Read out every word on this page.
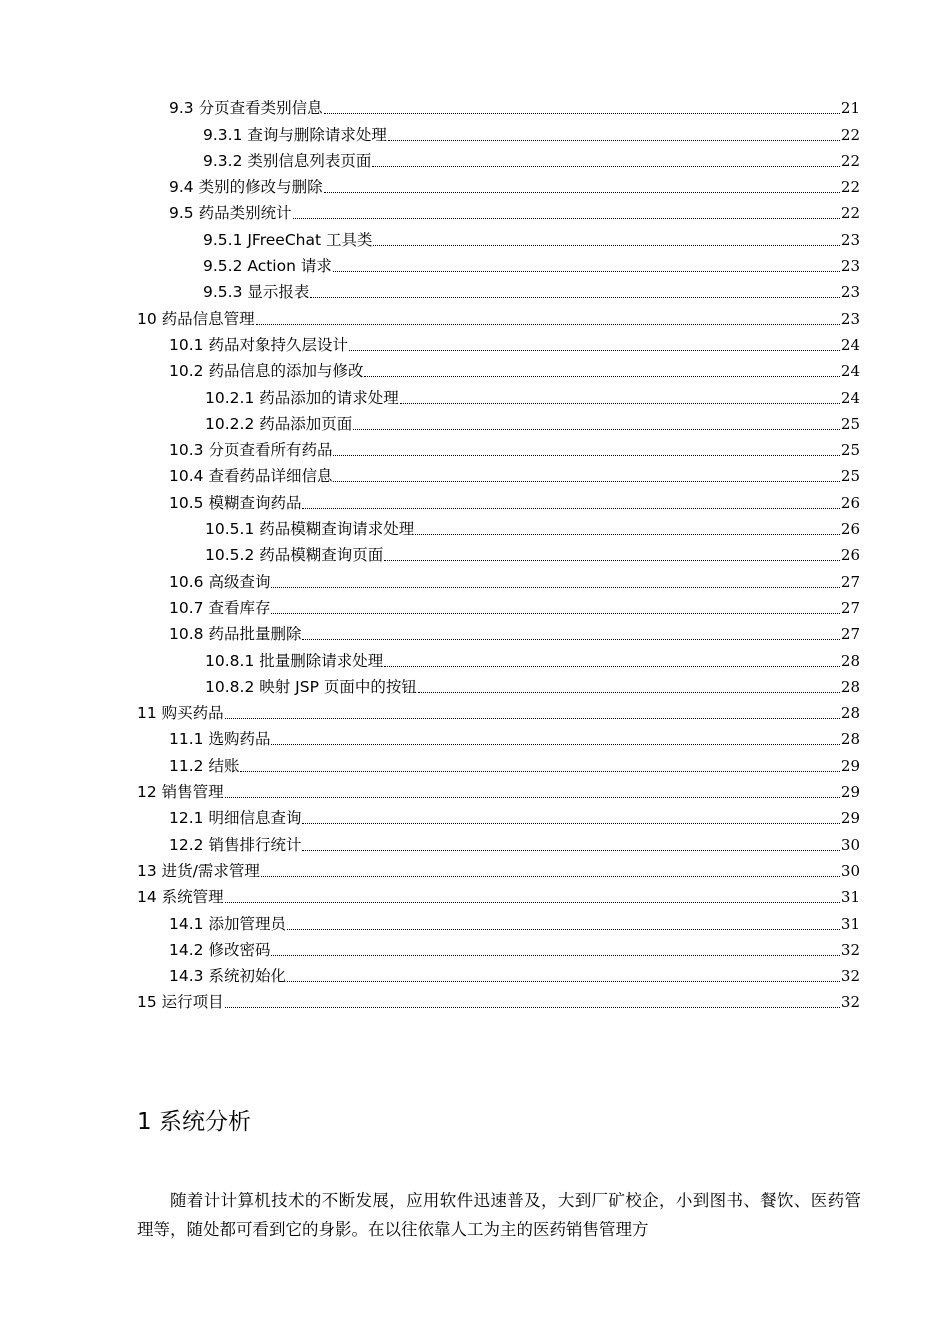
9.3 分页查看类别信息	21
9.3.1 查询与删除请求处理	22
9.3.2 类别信息列表页面	22
9.4 类别的修改与删除	22
9.5 药品类别统计	22
9.5.1 JFreeChat 工具类	23
9.5.2 Action 请求	23
9.5.3 显示报表	23
10 药品信息管理	23
10.1 药品对象持久层设计	24
10.2 药品信息的添加与修改	24
10.2.1 药品添加的请求处理	24
10.2.2 药品添加页面	25
10.3 分页查看所有药品	25
10.4 查看药品详细信息	25
10.5 模糊查询药品	26
10.5.1 药品模糊查询请求处理	26
10.5.2 药品模糊查询页面	26
10.6 高级查询	27
10.7 查看库存	27
10.8 药品批量删除	27
10.8.1 批量删除请求处理	28
10.8.2 映射 JSP 页面中的按钮	28
11 购买药品	28
11.1 选购药品	28
11.2 结账	29
12 销售管理	29
12.1 明细信息查询	29
12.2 销售排行统计	30
13 进货/需求管理	30
14 系统管理	31
14.1 添加管理员	31
14.2 修改密码	32
14.3 系统初始化	32
15 运行项目	32
1 系统分析
随着计计算机技术的不断发展，应用软件迅速普及，大到厂矿校企，小到图书、餐饮、医药管理等，随处都可看到它的身影。在以往依靠人工为主的医药销售管理方
